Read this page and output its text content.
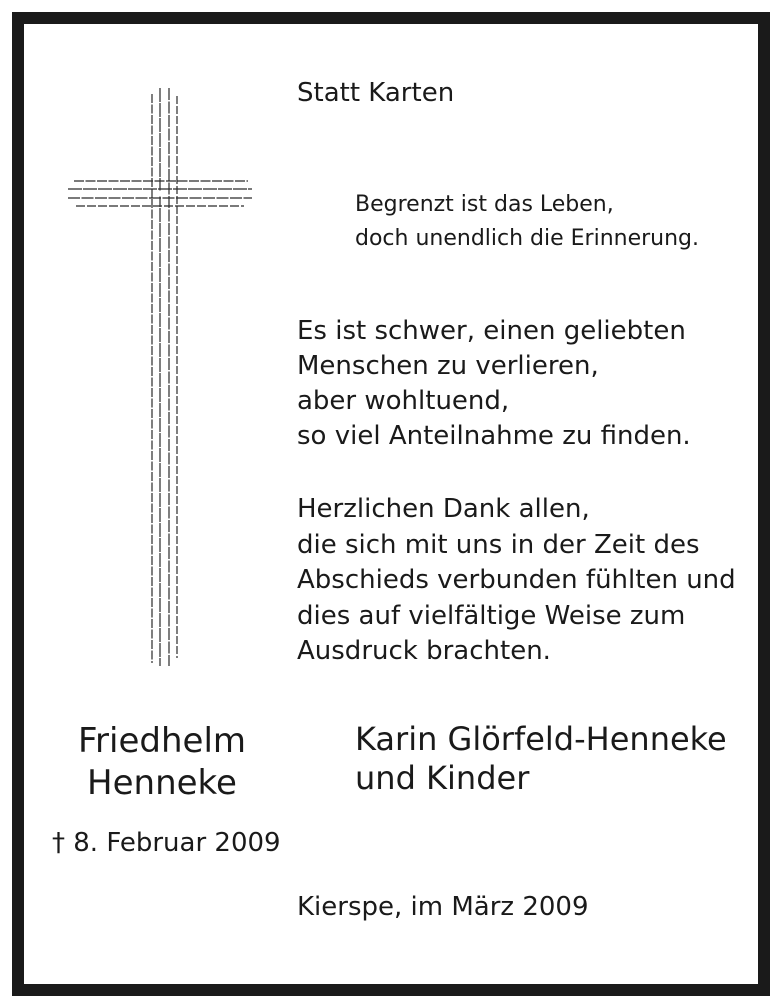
Statt Karten
Begrenzt ist das Leben,
doch unendlich die Erinnerung.
Es ist schwer, einen geliebten
Menschen zu verlieren,
aber wohltuend,
so viel Anteilnahme zu finden.
Herzlichen Dank allen,
die sich mit uns in der Zeit des
Abschieds verbunden fühlten und
dies auf vielfältige Weise zum
Ausdruck brachten.
Friedhelm
Henneke
† 8. Februar 2009
Karin Glörfeld-Henneke
und Kinder
Kierspe, im März 2009
